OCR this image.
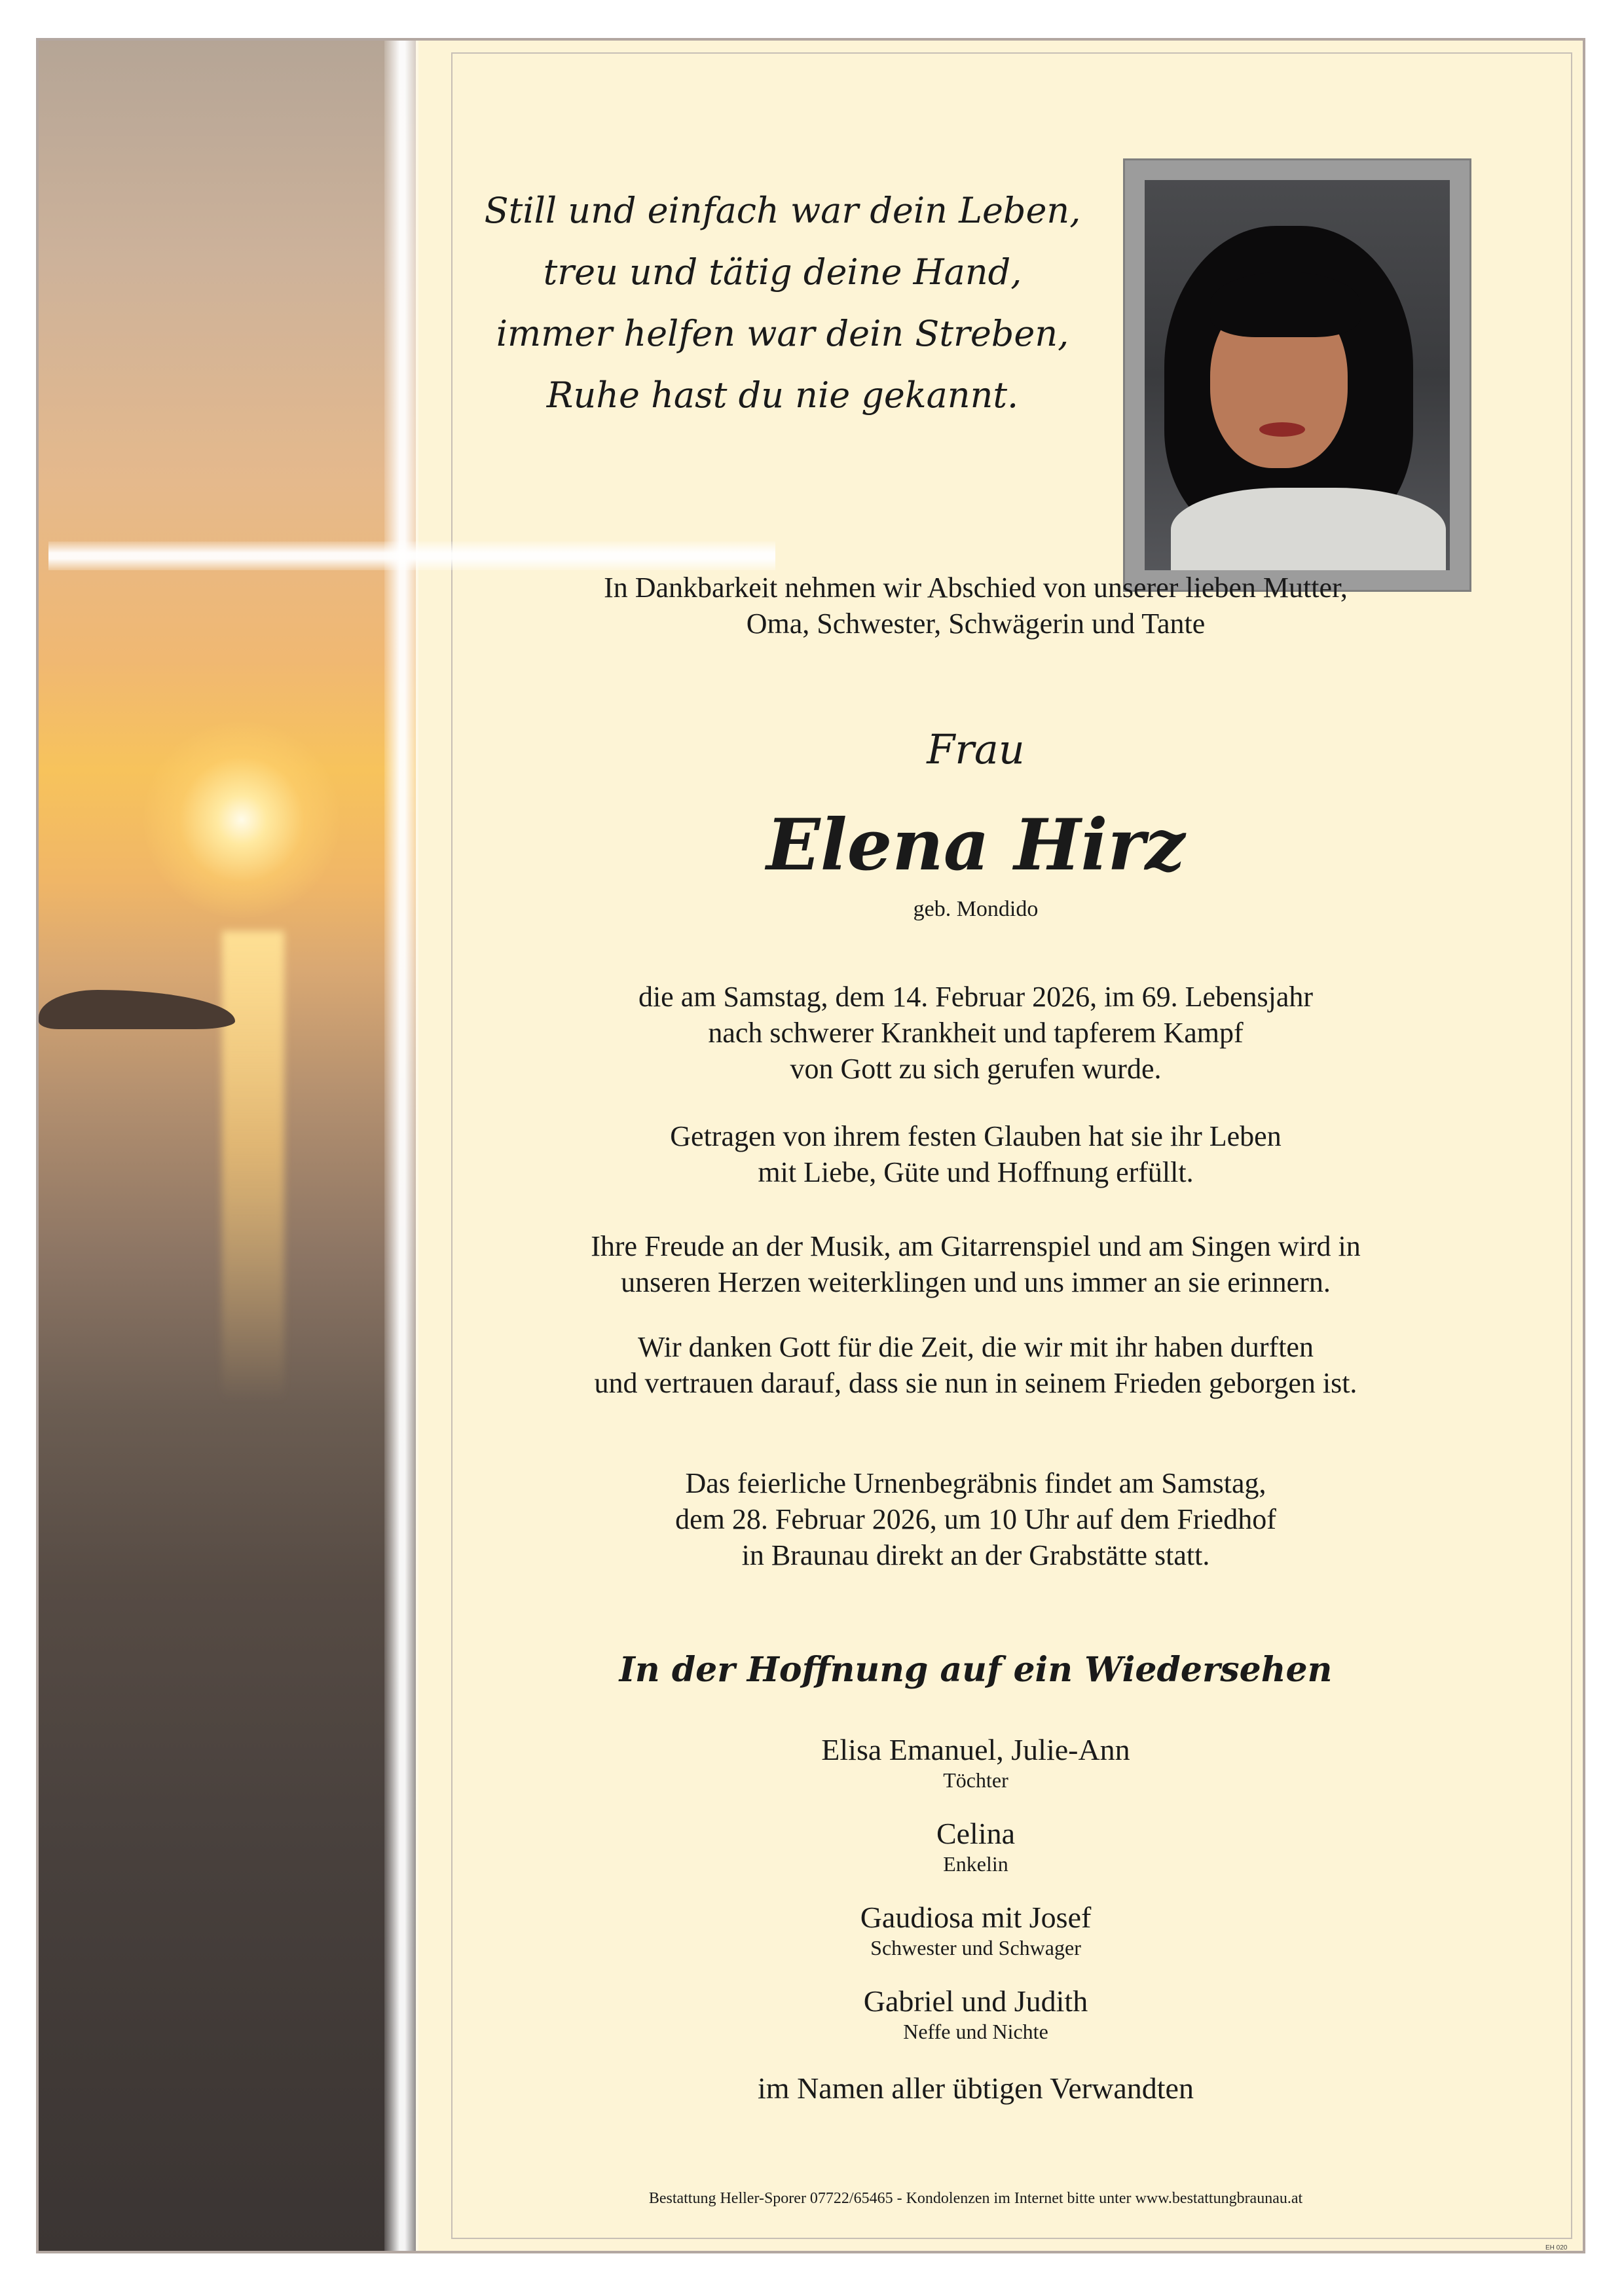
Still und einfach war dein Leben,
treu und tätig deine Hand,
immer helfen war dein Streben,
Ruhe hast du nie gekannt.
In Dankbarkeit nehmen wir Abschied von unserer lieben Mutter,
Oma, Schwester, Schwägerin und Tante
Frau
Elena Hirz
geb. Mondido
die am Samstag, dem 14. Februar 2026, im 69. Lebensjahr
nach schwerer Krankheit und tapferem Kampf
von Gott zu sich gerufen wurde.
Getragen von ihrem festen Glauben hat sie ihr Leben
mit Liebe, Güte und Hoffnung erfüllt.
Ihre Freude an der Musik, am Gitarrenspiel und am Singen wird in
unseren Herzen weiterklingen und uns immer an sie erinnern.
Wir danken Gott für die Zeit, die wir mit ihr haben durften
und vertrauen darauf, dass sie nun in seinem Frieden geborgen ist.
Das feierliche Urnenbegräbnis findet am Samstag,
dem 28. Februar 2026, um 10 Uhr auf dem Friedhof
in Braunau direkt an der Grabstätte statt.
In der Hoffnung auf ein Wiedersehen
Elisa Emanuel, Julie-Ann
Töchter
Celina
Enkelin
Gaudiosa mit Josef
Schwester und Schwager
Gabriel und Judith
Neffe und Nichte
im Namen aller übtigen Verwandten
Bestattung Heller-Sporer 07722/65465 - Kondolenzen im Internet bitte unter www.bestattungbraunau.at
EH 020
